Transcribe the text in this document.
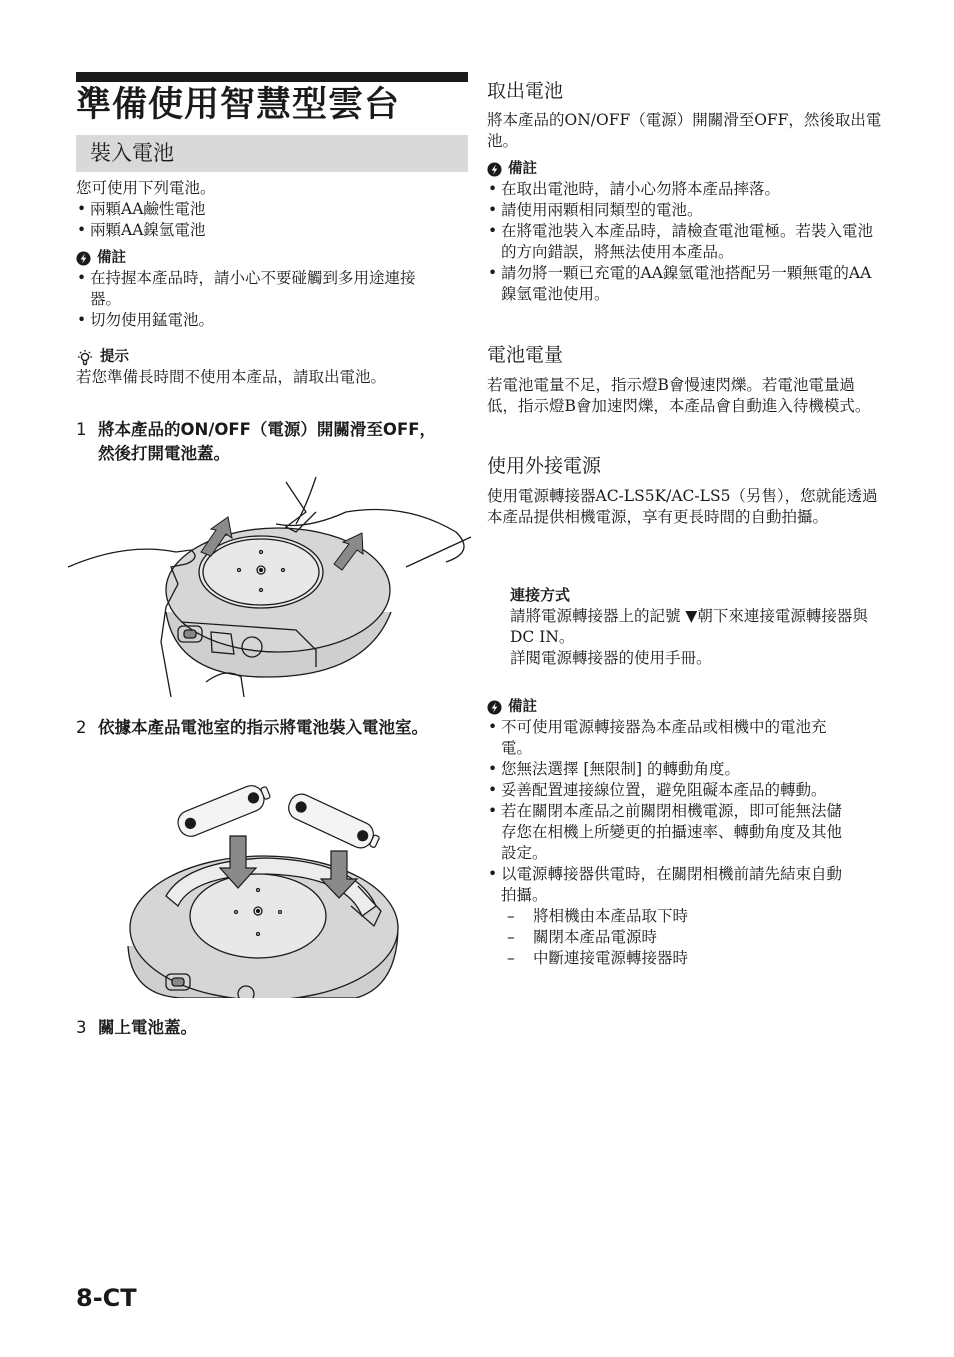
準備使用智慧型雲台
裝入電池
您可使用下列電池。
• 兩顆AA鹼性電池
• 兩顆AA鎳氫電池
備註
• 在持握本產品時，請小心不要碰觸到多用途連接器。
• 切勿使用錳電池。
提示
若您準備長時間不使用本產品，請取出電池。
1 將本產品的ON/OFF（電源）開關滑至OFF，然後打開電池蓋。
2 依據本產品電池室的指示將電池裝入電池室。
3 關上電池蓋。
取出電池
將本產品的ON/OFF（電源）開關滑至OFF，然後取出電池。
備註
• 在取出電池時，請小心勿將本產品摔落。
• 請使用兩顆相同類型的電池。
• 在將電池裝入本產品時，請檢查電池電極。若裝入電池的方向錯誤，將無法使用本產品。
• 請勿將一顆已充電的AA鎳氫電池搭配另一顆無電的AA鎳氫電池使用。
電池電量
若電池電量不足，指示燈B會慢速閃爍。若電池電量過低，指示燈B會加速閃爍，本產品會自動進入待機模式。
使用外接電源
使用電源轉接器AC-LS5K/AC-LS5（另售），您就能透過本產品提供相機電源，享有更長時間的自動拍攝。
連接方式
請將電源轉接器上的記號 ▼朝下來連接電源轉接器與DC IN。
詳閱電源轉接器的使用手冊。
備註
• 不可使用電源轉接器為本產品或相機中的電池充電。
• 您無法選擇 [無限制] 的轉動角度。
• 妥善配置連接線位置，避免阻礙本產品的轉動。
• 若在關閉本產品之前關閉相機電源，即可能無法儲存您在相機上所變更的拍攝速率、轉動角度及其他設定。
• 以電源轉接器供電時，在關閉相機前請先結束自動拍攝。
– 將相機由本產品取下時
– 關閉本產品電源時
– 中斷連接電源轉接器時
8-CT
